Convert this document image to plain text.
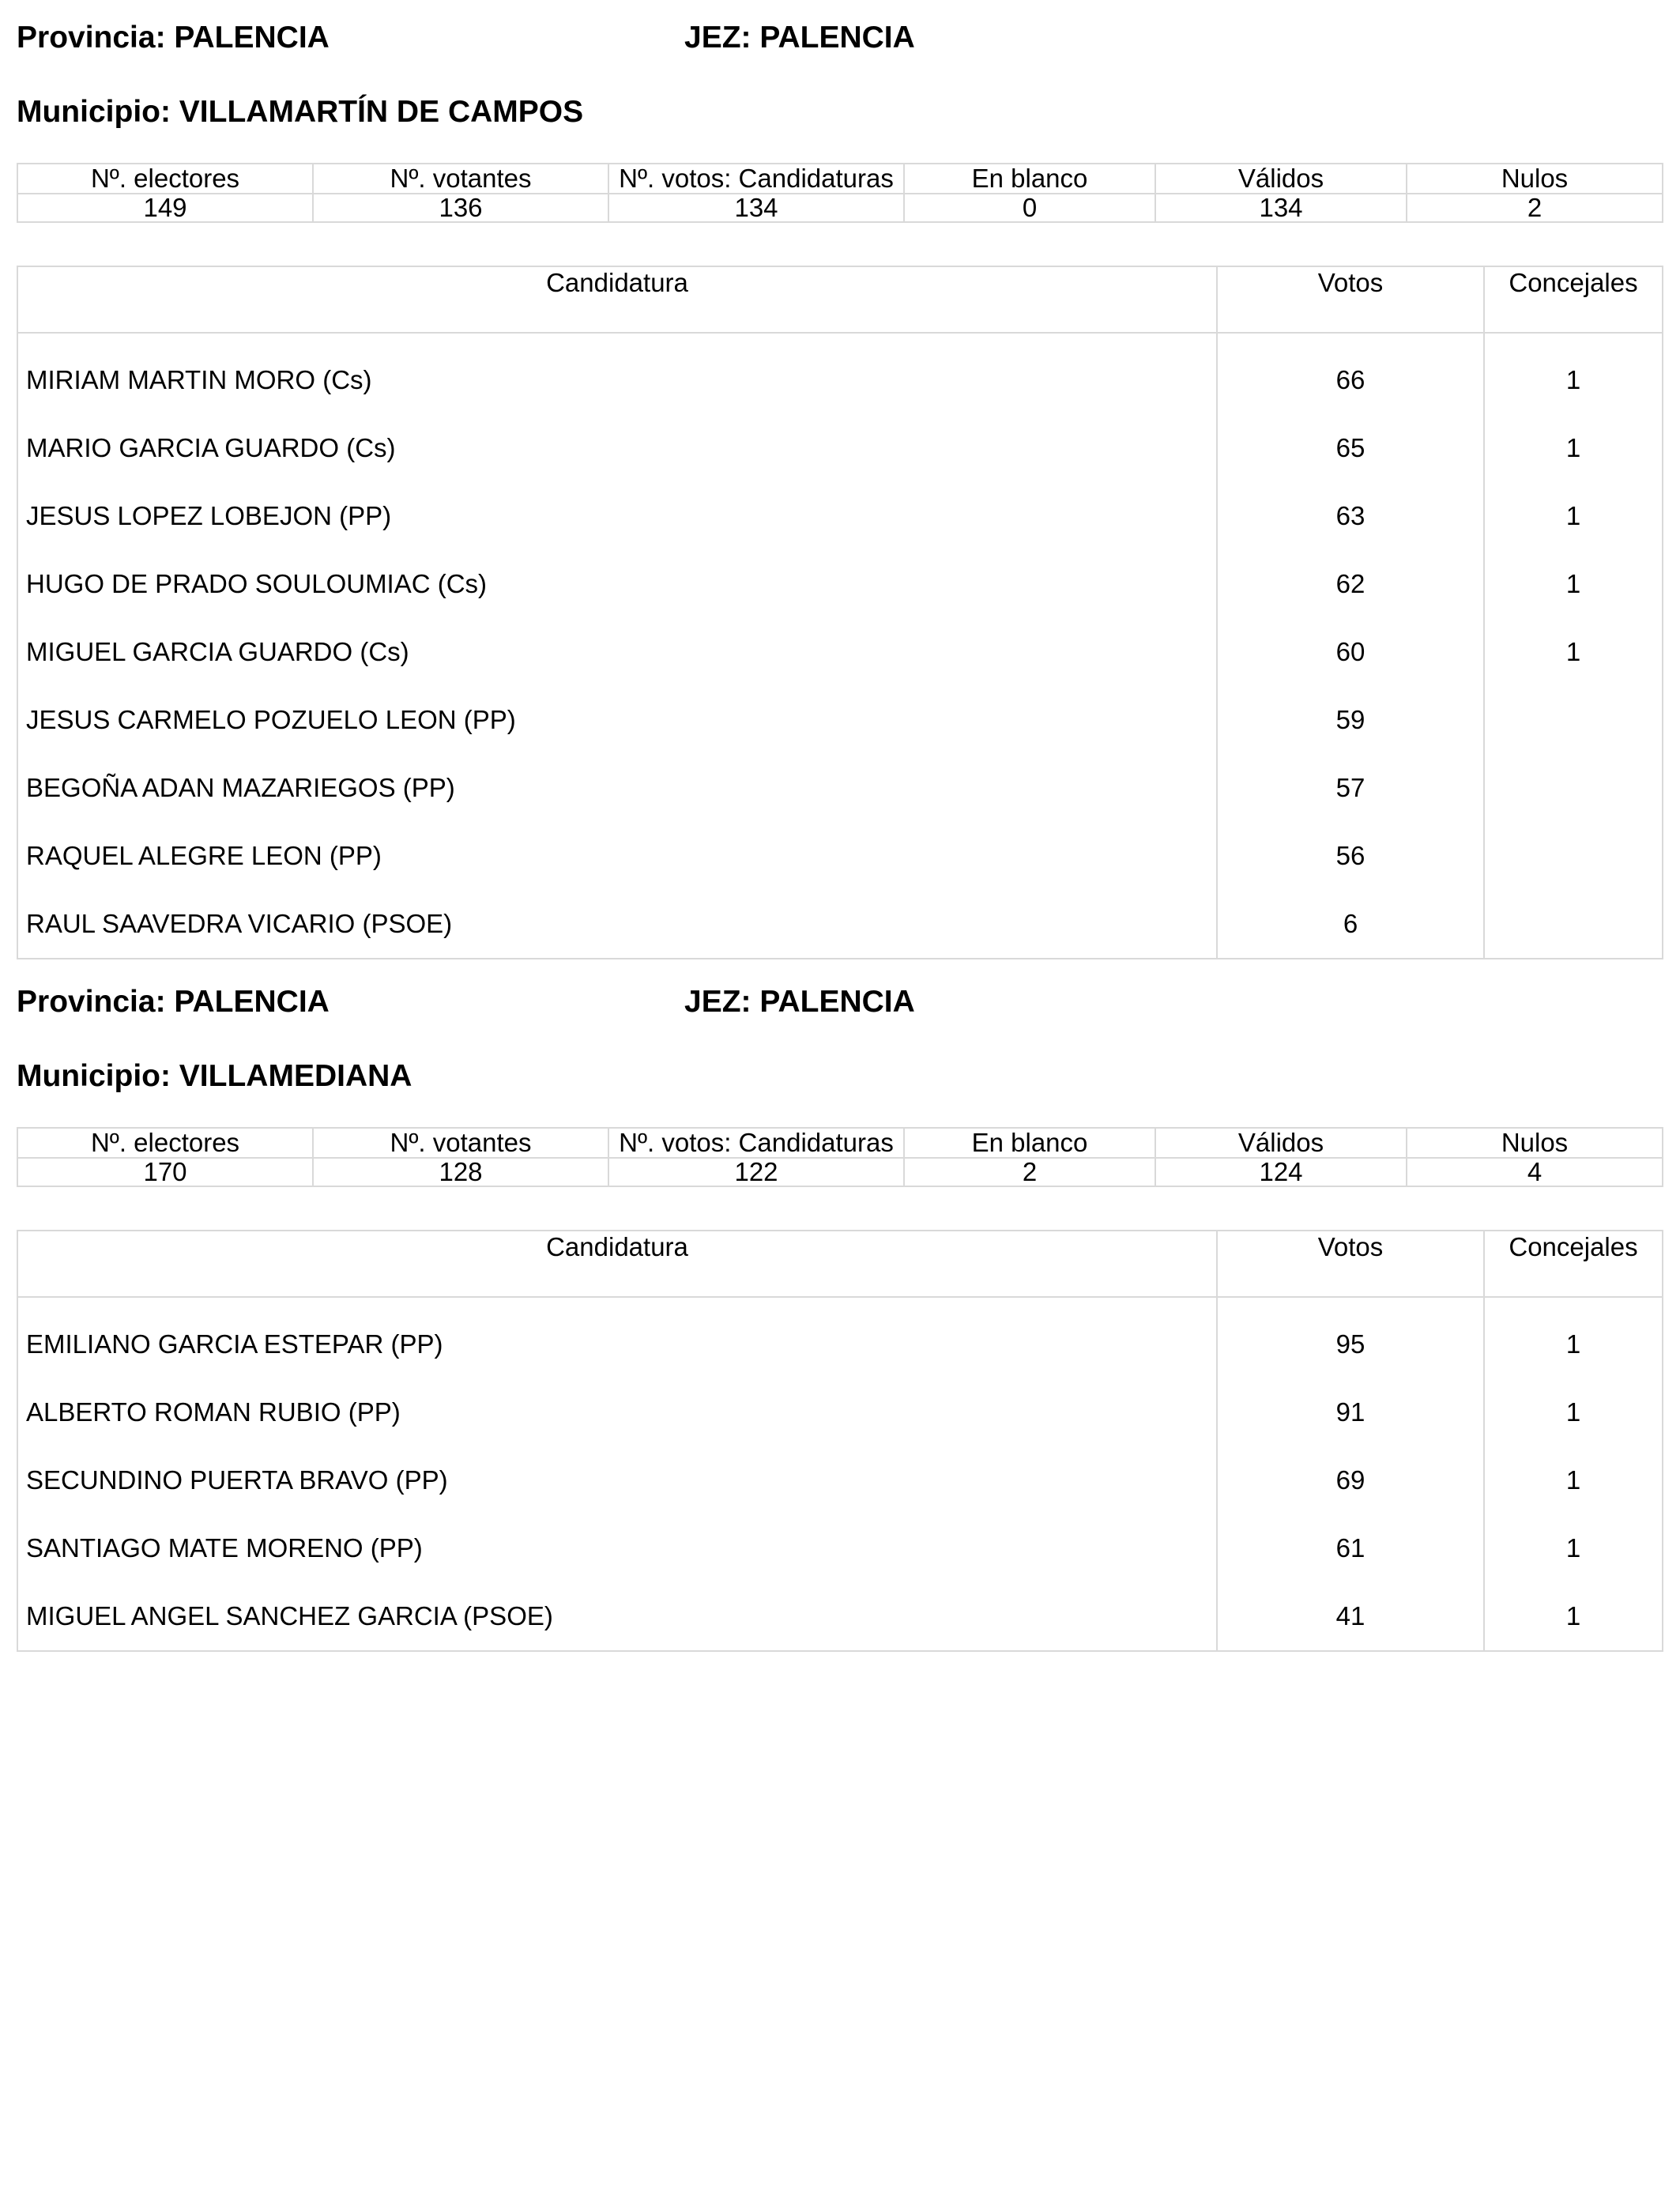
Provincia: PALENCIA	JEZ: PALENCIA
Municipio: VILLAMARTÍN DE CAMPOS
Nº. electores	Nº. votantes	Nº. votos: Candidaturas	En blanco	Válidos	Nulos
149	136	134	0	134	2
Candidatura	Votos	Concejales

MIRIAM MARTIN MORO (Cs)	66	1
MARIO GARCIA GUARDO (Cs)	65	1
JESUS LOPEZ LOBEJON (PP)	63	1
HUGO DE PRADO SOULOUMIAC (Cs)	62	1
MIGUEL GARCIA GUARDO (Cs)	60	1
JESUS CARMELO POZUELO LEON (PP)	59	
BEGOÑA ADAN MAZARIEGOS (PP)	57	
RAQUEL ALEGRE LEON (PP)	56	
RAUL SAAVEDRA VICARIO (PSOE)	6	
Provincia: PALENCIA	JEZ: PALENCIA
Municipio: VILLAMEDIANA
Nº. electores	Nº. votantes	Nº. votos: Candidaturas	En blanco	Válidos	Nulos
170	128	122	2	124	4
Candidatura	Votos	Concejales

EMILIANO GARCIA ESTEPAR (PP)	95	1
ALBERTO ROMAN RUBIO (PP)	91	1
SECUNDINO PUERTA BRAVO (PP)	69	1
SANTIAGO MATE MORENO (PP)	61	1
MIGUEL ANGEL SANCHEZ GARCIA (PSOE)	41	1
